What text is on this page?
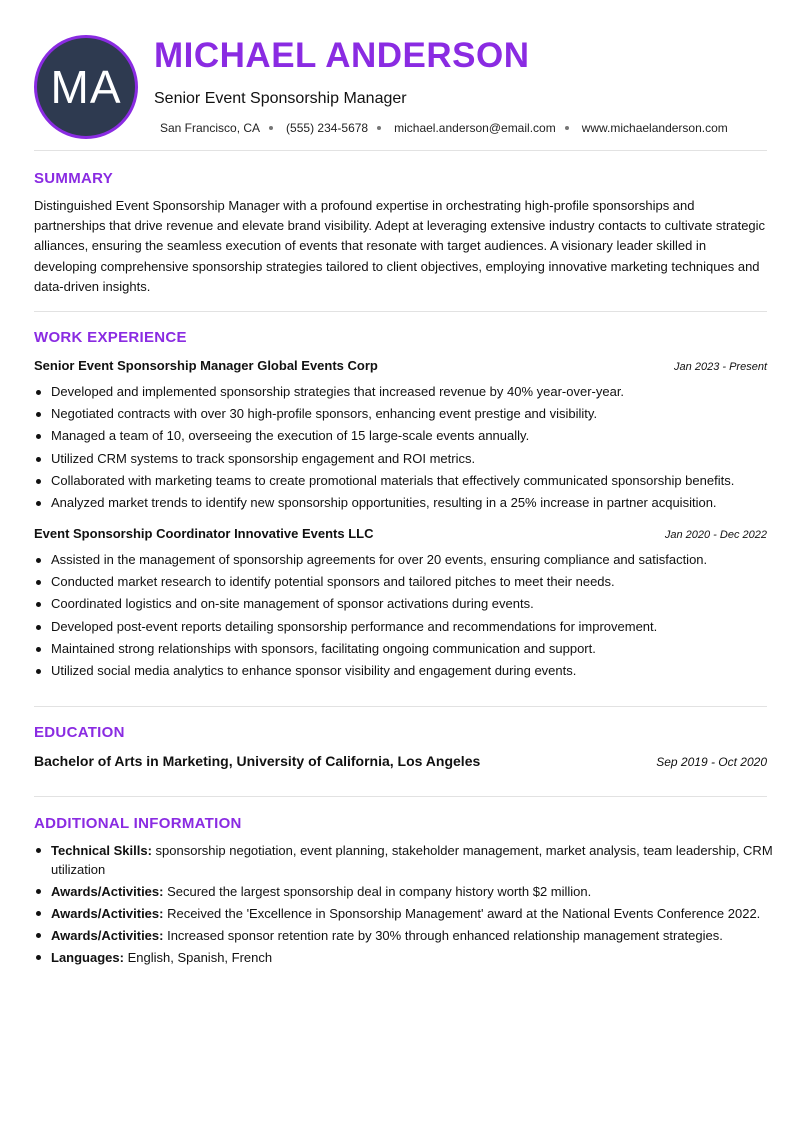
MA
MICHAEL ANDERSON
Senior Event Sponsorship Manager
San Francisco, CA (555) 234-5678 michael.anderson@email.com www.michaelanderson.com
SUMMARY

Distinguished Event Sponsorship Manager with a profound expertise in orchestrating high-profile sponsorships and partnerships that drive revenue and elevate brand visibility. Adept at leveraging extensive industry contacts to cultivate strategic alliances, ensuring the seamless execution of events that resonate with target audiences. A visionary leader skilled in developing comprehensive sponsorship strategies tailored to client objectives, employing innovative marketing techniques and data-driven insights.

WORK EXPERIENCE
Senior Event Sponsorship Manager Global Events Corp	Jan 2023 - Present
Developed and implemented sponsorship strategies that increased revenue by 40% year-over-year.
Negotiated contracts with over 30 high-profile sponsors, enhancing event prestige and visibility.
Managed a team of 10, overseeing the execution of 15 large-scale events annually.
Utilized CRM systems to track sponsorship engagement and ROI metrics.
Collaborated with marketing teams to create promotional materials that effectively communicated sponsorship benefits.
Analyzed market trends to identify new sponsorship opportunities, resulting in a 25% increase in partner acquisition.
Event Sponsorship Coordinator Innovative Events LLC	Jan 2020 - Dec 2022
Assisted in the management of sponsorship agreements for over 20 events, ensuring compliance and satisfaction.
Conducted market research to identify potential sponsors and tailored pitches to meet their needs.
Coordinated logistics and on-site management of sponsor activations during events.
Developed post-event reports detailing sponsorship performance and recommendations for improvement.
Maintained strong relationships with sponsors, facilitating ongoing communication and support.
Utilized social media analytics to enhance sponsor visibility and engagement during events.
EDUCATION
Bachelor of Arts in Marketing, University of California, Los Angeles	Sep 2019 - Oct 2020
ADDITIONAL INFORMATION
Technical Skills: sponsorship negotiation, event planning, stakeholder management, market analysis, team leadership, CRM utilization
Awards/Activities: Secured the largest sponsorship deal in company history worth $2 million.
Awards/Activities: Received the 'Excellence in Sponsorship Management' award at the National Events Conference 2022.
Awards/Activities: Increased sponsor retention rate by 30% through enhanced relationship management strategies.
Languages: English, Spanish, French
